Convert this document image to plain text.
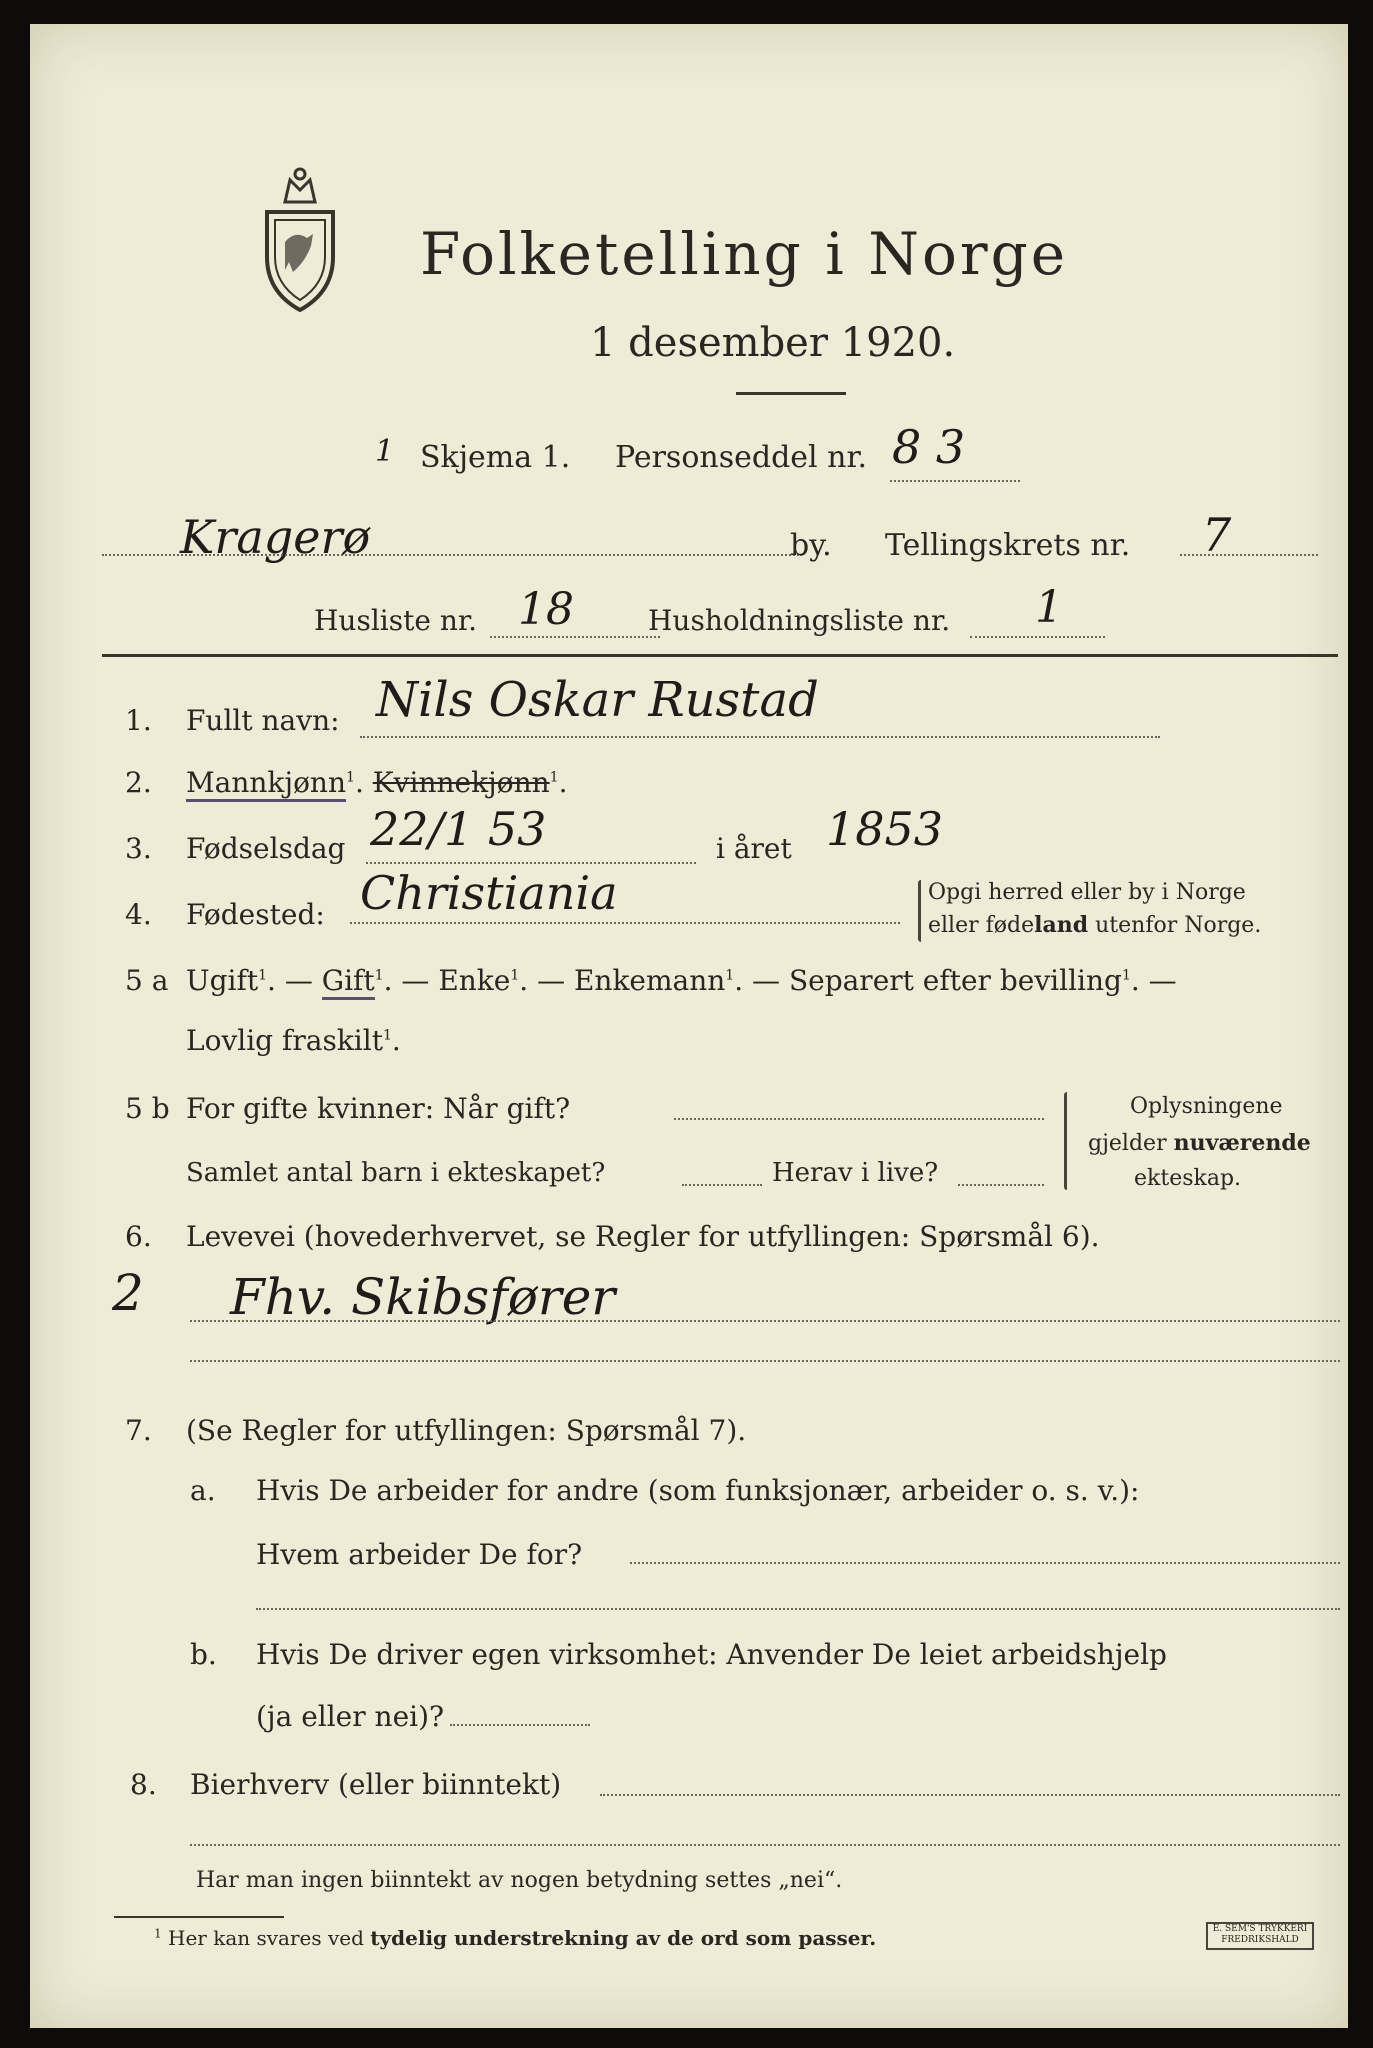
Folketelling i Norge
1 desember 1920.
1 Skjema 1. Personseddel nr. 8 3
Kragerø	by. Tellingskrets nr. 7
Husliste nr. 18	Husholdningsliste nr. 1
1. Fullt navn: Nils Oskar Rustad
2. Mannkjønn$^1$. Kvinnekjønn$^1$.
3. Fødselsdag 22/1 53	i året 1853
4. Fødested: Christiania	Opgi herred eller by i Norge
eller fødeland utenfor Norge.
5 a Ugift$^1$. — Gift$^1$. — Enke$^1$. — Enkemann$^1$. — Separert efter bevilling$^1$. —
Lovlig fraskilt$^1$.
5 b For gifte kvinner: Når gift?
Samlet antal barn i ekteskapet?	Herav i live?
Oplysningene
gjelder nuværende
ekteskap.
6. Levevei (hovederhvervet, se Regler for utfyllingen: Spørsmål 6).
2 Fhv. Skibsfører
7. (Se Regler for utfyllingen: Spørsmål 7).
a. Hvis De arbeider for andre (som funksjonær, arbeider o. s. v.):
Hvem arbeider De for?
b. Hvis De driver egen virksomhet: Anvender De leiet arbeidshjelp
(ja eller nei)?
8. Bierhverv (eller biinntekt)
Har man ingen biinntekt av nogen betydning settes „nei“.
$^1$ Her kan svares ved tydelig understrekning av de ord som passer.	E. SEM'S TRYKKERI
FREDRIKSHALD
